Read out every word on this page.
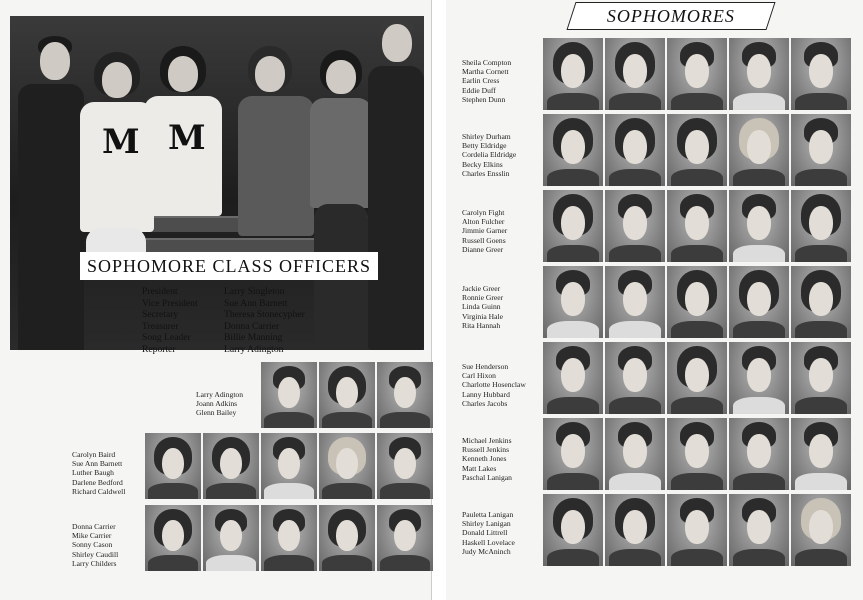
M M
SOPHOMORE CLASS OFFICERS
President	Larry Singleton
Vice President	Sue Ann Barnett
Secretary	Theresa Stonecypher
Treasurer	Donna Carrier
Song Leader	Billie Manning
Reporter	Larry Adington
Larry Adington
Joann Adkins
Glenn Bailey
Carolyn Baird
Sue Ann Barnett
Luther Baugh
Darlene Bedford
Richard Caldwell
Donna Carrier
Mike Carrier
Sonny Cason
Shirley Caudill
Larry Childers
SOPHOMORES
Sheila Compton
Martha Cornett
Earlin Cress
Eddie Duff
Stephen Dunn
Shirley Durham
Betty Eldridge
Cordelia Eldridge
Becky Elkins
Charles Ensslin
Carolyn Fight
Alton Fulcher
Jimmie Garner
Russell Goens
Dianne Greer
Jackie Greer
Ronnie Greer
Linda Guinn
Virginia Hale
Rita Hannah
Sue Henderson
Carl Hixon
Charlotte Hosenclaw
Lanny Hubbard
Charles Jacobs
Michael Jenkins
Russell Jenkins
Kenneth Jones
Matt Lakes
Paschal Lanigan
Pauletta Lanigan
Shirley Lanigan
Donald Littrell
Haskell Lovelace
Judy McAninch
